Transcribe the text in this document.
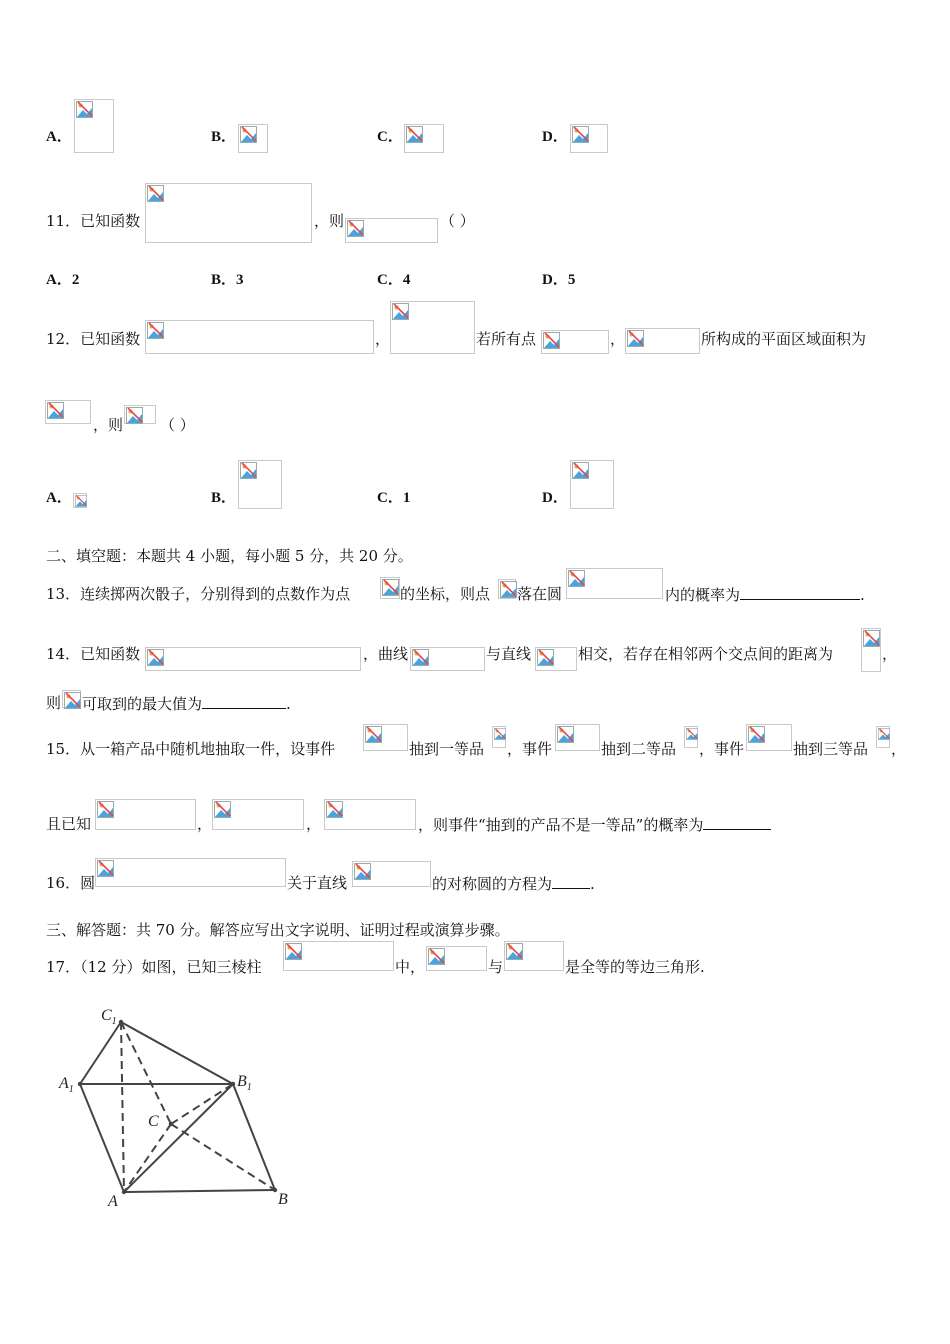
A．	B．	C．	D．
11．已知函数	，则	（ ）
A．2	B．3	C．4	D．5
12．已知函数	，	若所有点	，	所构成的平面区域面积为
，则 （ ）
A．	B．	C．1	D．
二、填空题：本题共 4 小题，每小题 5 分，共 20 分。
13．连续掷两次骰子，分别得到的点数作为点	的坐标，则点 落在圆	内的概率为	.
14．已知函数	，曲线	与直线	相交，若存在相邻两个交点间的距离为	，
则 可取到的最大值为	.
15．从一箱产品中随机地抽取一件，设事件	抽到一等品 ，事件	抽到二等品 ，事件	抽到三等品 ，
且已知	，	，	，则事件“抽到的产品不是一等品”的概率为
16．圆	关于直线	的对称圆的方程为	.
三、解答题：共 70 分。解答应写出文字说明、证明过程或演算步骤。
17．（12 分）如图，已知三棱柱	中，	与	是全等的等边三角形.
$C_1$
$A_1$	$B_1$
C
A	B
